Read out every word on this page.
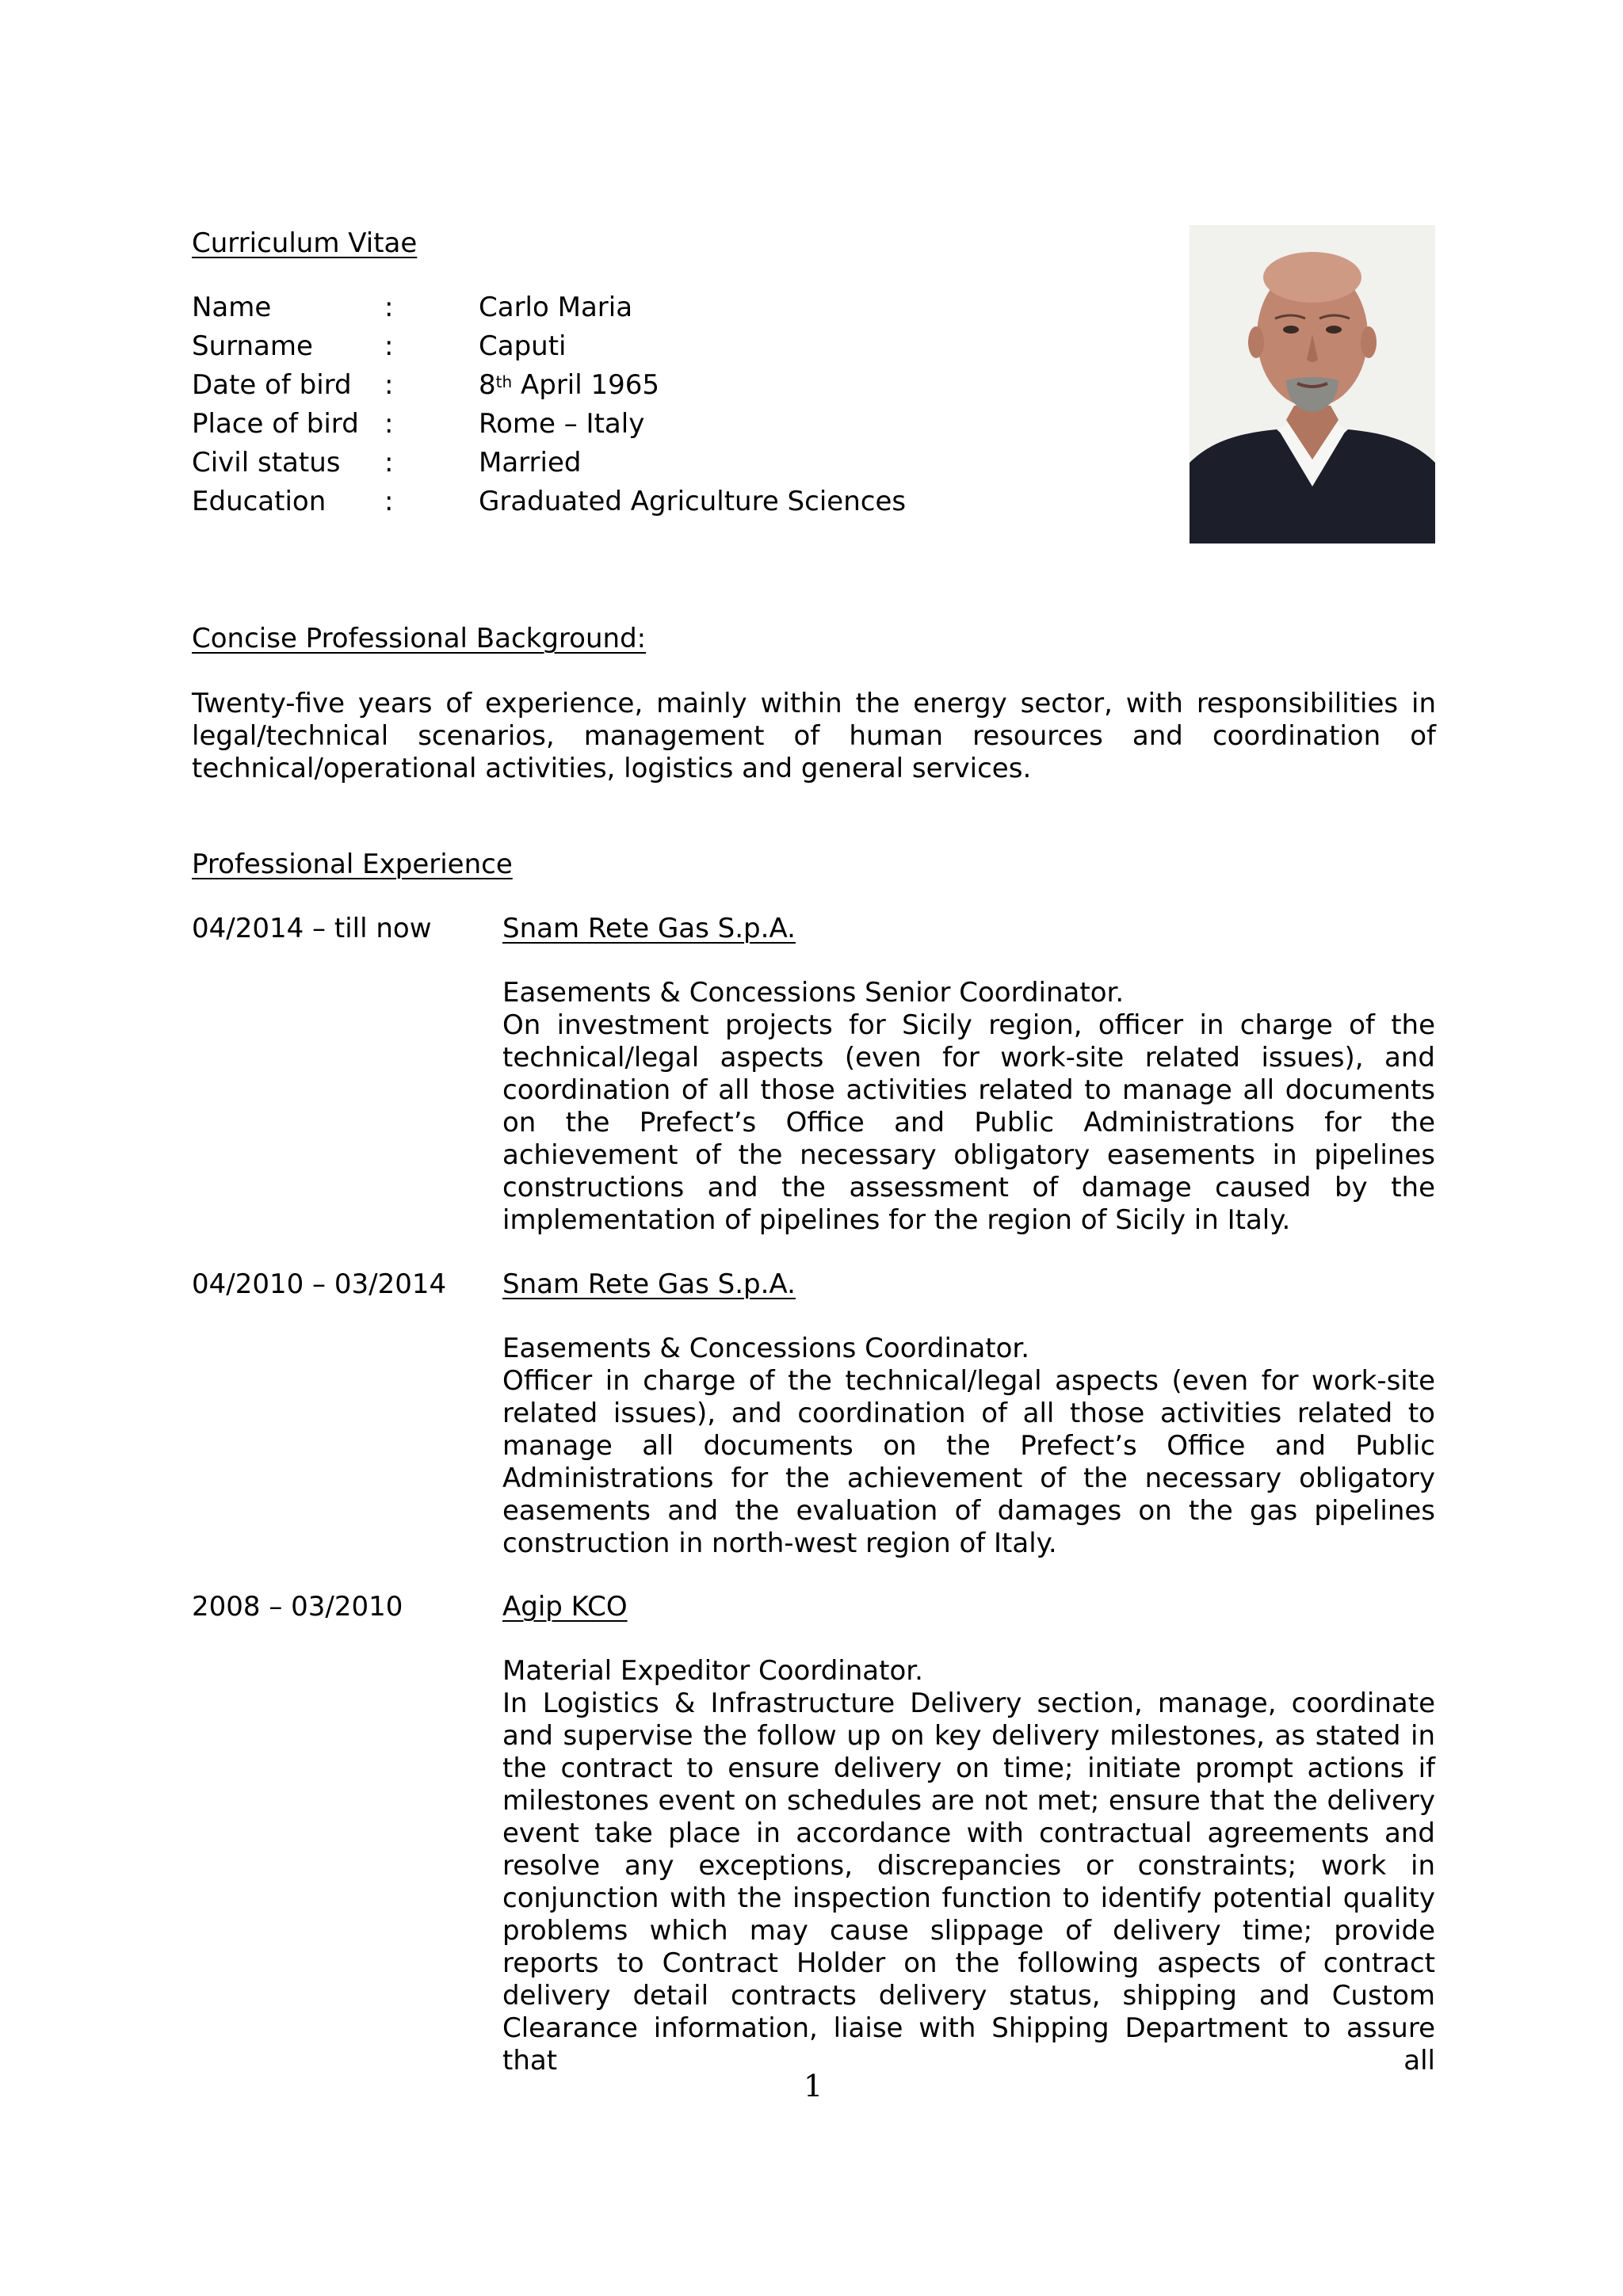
Curriculum Vitae
Name	:	Carlo Maria
Surname	:	Caputi
Date of bird :	8th April 1965
Place of bird :	Rome – Italy
Civil status :	Married
Education :	Graduated Agriculture Sciences
Concise Professional Background:
Twenty-five years of experience, mainly within the energy sector, with responsibilities in legal/technical scenarios, management of human resources and coordination of technical/operational activities, logistics and general services.
Professional Experience
04/2014 – till now	Snam Rete Gas S.p.A.
Easements & Concessions Senior Coordinator.
On investment projects for Sicily region, officer in charge of the technical/legal aspects (even for work-site related issues), and coordination of all those activities related to manage all documents on the Prefect’s Office and Public Administrations for the achievement of the necessary obligatory easements in pipelines constructions and the assessment of damage caused by the implementation of pipelines for the region of Sicily in Italy.
04/2010 – 03/2014 Snam Rete Gas S.p.A.
Easements & Concessions Coordinator.
Officer in charge of the technical/legal aspects (even for work-site related issues), and coordination of all those activities related to manage all documents on the Prefect’s Office and Public Administrations for the achievement of the necessary obligatory easements and the evaluation of damages on the gas pipelines construction in north-west region of Italy.
2008 – 03/2010	Agip KCO
Material Expeditor Coordinator.
In Logistics & Infrastructure Delivery section, manage, coordinate and supervise the follow up on key delivery milestones, as stated in the contract to ensure delivery on time; initiate prompt actions if milestones event on schedules are not met; ensure that the delivery event take place in accordance with contractual agreements and resolve any exceptions, discrepancies or constraints; work in conjunction with the inspection function to identify potential quality problems which may cause slippage of delivery time; provide reports to Contract Holder on the following aspects of contract delivery detail contracts delivery status, shipping and Custom Clearance information, liaise with Shipping Department to assure that all
1
